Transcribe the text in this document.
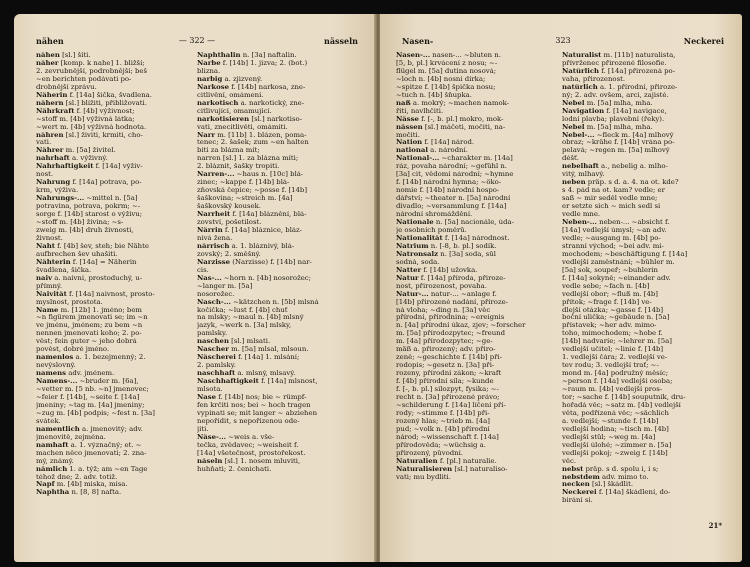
nähen	— 322 —	nässeln

nähen [sl.] šíti.

näher [komp. k nahe] 1. bližší;

2. zevrubnější, podrobnější; beš

~en berichten podávati po-

drobnější zprávu.

Näherin f. [14a] šička, švadlena.

nähern [sl.] blížiti, přibližovati.

Nährkraft f. [4b] výživnost;

~stoff m. [4b] výživná látka;

~wert m. [4b] výživná hodnota.

nähren [sl.] živiti, krmiti, cho-

vati.

Nährer m. [5a] živitel.

nahrhaft a. výživný.

Nahrhaftigkeit f. [14a] výživ-

nost.

Nahrung f. [14a] potrava, po-

krm, výživa.

Nahrungs-... ~mittel n. [5a]

potravina, potrava, pokrm; ~-

sorge f. [14b] starost o výživu;

~stoff m. [4b] živina; ~s-

zweig m. [4b] druh živnosti,

živnost.

Naht f. [4b] šev, steh; bie Nähte

aufbrechen šev uhašiti.

Nähterin f. [14a] = Näherin

švadlena, šička.

naiv a. naivní, prostoduchý, u-

přímný.

Naivität f. [14a] naivnost, prosto-

myslnost, prostota.

Name m. [12b] 1. jméno; bem

~n figürem jmenovati se; im ~n

ve jménu, jménem; zu bem ~n

nennen jmenovati koho; 2. po-

věst; fein guter ~ jeho dobrá

pověst, dobré jméno.

namenlos a. 1. bezejmenný; 2.

nevýslovný.

namens adv. jménem.

Namens-... ~bruder m. [6a],

~vetter m. [5 nb. ~n] jmenovec;

~feier f. [14b], ~seite f. [14a]

jmeniny; ~tag m. [4a] jmeniny;

~zug m. [4b] podpis; ~fest n. [3a]

svátek.

namentlich a. jmenovitý; adv.

jmenovitě, zejména.

namhaft a. 1. význačný; et. ~

machen něco jmenovati; 2. zna-

mý, známý.

nämlich 1. a. týž; am ~en Tage

téhož dne; 2. adv. totiž.

Napf m. [4b] miska, mísa.

Naphtha n. [8, 8] nafta.

Naphthalin n. [3a] naftalin.

Narbe f. [14b] 1. jizva; 2. (bot.)

blizna.

narbig a. zjizvený.

Narkose f. [14b] narkosa, zne-

citlivění, omámení.

narkotisch a. narkotický, zne-

citlivující, omamující.

narkotisieren [sl.] narkotiso-

vati, znecitlivěti, omámiti.

Narr m. [11b] 1. blázen, poma-

tenec; 2. šašek; zum ~en halten

bíti za blázna mít;

narren [sl.] 1. za blázna míti;

2. bláznit, šašky tropiti.

Narren-... ~haus n. [10c] blá-

zinec; ~kappe f. [14b] blá-

zňovská čepice; ~posse f. [14b]

šaškovina; ~streich m. [4a]

šaškovský kousek.

Narrheit f. [14a] bláznění, blá-

zovství, pošetilost.

Närrin f. [14a] bláznice, bláz-

nivá žena.

närrisch a. 1. bláznivý, blá-

zovský; 2. směšný.

Narzisse (Narzisse) f. [14b] nar-

cis.

Nas-... ~horn n. [4b] nosorožec;

~langer m. [5a]

nosorožec.

Nasch-... ~kätzchen n. [5b] mlsná

kočička; ~lust f. [4b] chuť

na mlsky; ~maul n. [4b] mlsný

jazyk, ~werk n. [3a] mlsky,

pamlsky.

naschen [sl.] mlsati.

Nascher m. [5a] mlsal, mlsoun.

Näscherei f. [14a] 1. mlsání;

2. pamlsky.

naschhaft a. mlsný, mlsavý.

Naschhaftigkeit f. [14a] mlsnost,

mlsota.

Nase f. [14b] nos; bie ~ rümpf-

fen krčiti nos; bei ~ hoch tragen

vypínati se; mit langer ~ abziehen

nepořídit, s nepořízenou ode-

jíti.

Näse-... ~weis a. vše-

tečka, zvědavec; ~weisheit f.

[14a] všetečnost, prostořekost.

näseln [sl.] 1. nosem mluviti,

huhňati; 2. čenichati.

Nasen-	323	Neckerei

Nasen-... nasen-... ~bluten n.

[5, b, pl.] krvácení z nosu; ~-

flügel m. [5a] dutina nosová;

~loch n. [4b] nosní dírka;

~spitze f. [14b] špička nosu;

~tuch n. [4b] šňupka.

naß a. mokrý; ~machen namok-

řiti, navlhčiti.

Nässe f. [-, b. pl.] mokro, mok-

nässen [sl.] máčeti, močiti, na-

močiti.

Nation f. [14a] národ.

national a. národní.

National-... ~charakter m. [14a]

ráz, povaha národní; ~gefühl n.

[3a] cit, vědomí národní; ~hymne

f. [14b] národní hymna; ~öko-

nomie f. [14b] národní hospo-

dářství; ~theater n. [5a] národní

divadlo; ~versammlung f. [14a]

národní shromáždění.

Nationale n. [5a] nacionále, úda-

je osobních poměrů.

Nationalität f. [14a] národnost.

Natrium n. [-8, b. pl.] sodík.

Natronsalz n. [3a] soda, sůl

sodná, soda.

Natter f. [14b] užovka.

Natur f. [14a] příroda, přiroze-

nost, přirozenost, povaha.

Natur-... natur-... ~anlage f.

[14b] přirozené nadání, přiroze-

ná vloha; ~ding n. [3a] věc

přírodní, přírodnina; ~ereignis

n. [4a] přírodní úkaz, zjev; ~forscher

m. [5a] přírodozpytec; ~freund

m. [4a] přírodozpytec; ~ge-

mäß a. přirozený; adv. přiro-

zeně; ~geschichte f. [14b] při-

rodopis; ~gesetz n. [3a] při-

rozeny, přírodní zákon; ~kraft

f. [4b] přírodní síla; ~kunde

f. [-, b. pl.] silozpyt, fysika; ~-

recht n. [3a] přirozené právo;

~schilderung f. [14a] líčení pří-

rody; ~stimme f. [14b] při-

rozený hlas; ~trieb m. [4a]

pud; ~volk n. [4b] přírodní

národ; ~wissenschaft f. [14a]

přírodověda; ~wüchsig a.

přirozený, původní.

Naturalien f. [pl.] naturalie.

Naturalisieren [sl.] naturaliso-

vati; mu bydliti.

Naturalist m. [11b] naturalista,

přívrženec přirozené filosofie.

Natürlich f. [14a] přirozená po-

vaha, přirozenost.

natürlich a. 1. přírodní, přiroze-

ný; 2. adv. ovšem, arci, zajisté.

Nebel m. [5a] mlha, mha.

Navigation f. [14a] navigace,

lodní plavba; plavební (řeky).

Nebel m. [5a] mlha, mha.

Nebel-... ~fleck m. [4a] mlhový

obraz; ~krähe f. [14b] vrána po-

pelavá; ~regen m. [5a] mlhový

déšť.

nebelhaft a., nebelig a. mlho-

vitý, mlhavý.

neben präp. s d. a. 4. na ot. kde?

s 4. pád na ot. kam? vedle; er

saß ~ mir seděl vedle mne;

er setzte sich ~ mich sedl si

vedle mne.

Neben-... neben-... ~absicht f.

[14a] vedlejší úmysl; ~an adv.

vedle; ~ausgang m. [4b] po-

stranní východ; ~bei adv. mi-

mochodem; ~beschäftigung f. [14a]

vedlejší zaměstnání; ~bühler m.

[5a] sok, soupeř; ~buhlerin

f. [14a] sokyně; ~einander adv.

vedle sebe; ~fach n. [4b]

vedlejší obor; ~fluß m. [4b]

přítok; ~frage f. [14b] ve-

dlejší otázka; ~gasse f. [14b]

boční ulička; ~gebäude n. [5a]

přístavek; ~her adv. mimo-

toho, mimochodem; ~hobe f.

[14b] nadvaríe; ~lehrer m. [5a]

vedlejší učitel; ~linie f. [14b]

1. vedlejší čára; 2. vedlejší ve-

tev rodu; 3. vedlejší trať; ~-

mond m. [4a] podružný měsíc;

~person f. [14a] vedlejší osoba;

~raum m. [4b] vedlejší pros-

tor; ~sache f. [14b] souputník, dru-

hořadá věc; ~satz m. [4b] vedlejší

věta, podřízená věc; ~sächlich

a. vedlejší; ~stunde f. [14b]

vedlejší hodina; ~tisch m. [4b]

vedlejší stůl; ~weg m. [4a]

vedlejší úlohé; ~zimmer n. [5a]

vedlejší pokoj; ~zweig f. [14b]

věc.

nebst präp. s d. spolu i, i s;

nebstdem adv. mimo to.

necken [sl.] škádlit.

Neckerei f. [14a] škádlení, do-

birání si.

21*
